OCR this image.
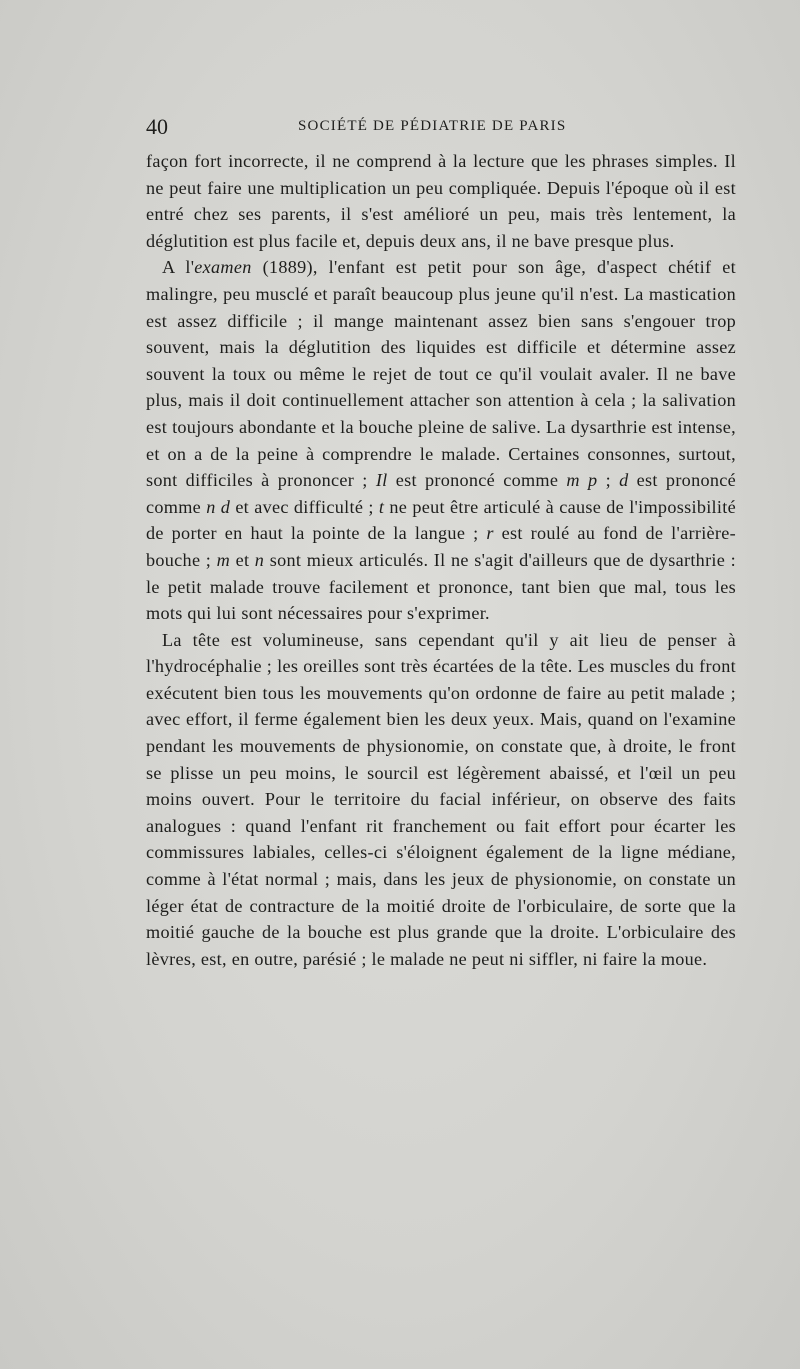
40	SOCIÉTÉ DE PÉDIATRIE DE PARIS

façon fort incorrecte, il ne comprend à la lecture que les phrases simples. Il ne peut faire une multiplication un peu compliquée. Depuis l'époque où il est entré chez ses parents, il s'est amélioré un peu, mais très lentement, la déglutition est plus facile et, depuis deux ans, il ne bave presque plus.

A l'examen (1889), l'enfant est petit pour son âge, d'aspect chétif et malingre, peu musclé et paraît beaucoup plus jeune qu'il n'est. La mastication est assez difficile ; il mange maintenant assez bien sans s'engouer trop souvent, mais la déglutition des liquides est difficile et détermine assez souvent la toux ou même le rejet de tout ce qu'il voulait avaler. Il ne bave plus, mais il doit continuellement attacher son attention à cela ; la salivation est toujours abondante et la bouche pleine de salive. La dysarthrie est intense, et on a de la peine à comprendre le malade. Certaines consonnes, surtout, sont difficiles à prononcer ; Il est prononcé comme m p ; d est prononcé comme n d et avec difficulté ; t ne peut être articulé à cause de l'impossibilité de porter en haut la pointe de la langue ; r est roulé au fond de l'arrière-bouche ; m et n sont mieux articulés. Il ne s'agit d'ailleurs que de dysarthrie : le petit malade trouve facilement et prononce, tant bien que mal, tous les mots qui lui sont nécessaires pour s'exprimer.

La tête est volumineuse, sans cependant qu'il y ait lieu de penser à l'hydrocéphalie ; les oreilles sont très écartées de la tête. Les muscles du front exécutent bien tous les mouvements qu'on ordonne de faire au petit malade ; avec effort, il ferme également bien les deux yeux. Mais, quand on l'examine pendant les mouvements de physionomie, on constate que, à droite, le front se plisse un peu moins, le sourcil est légèrement abaissé, et l'œil un peu moins ouvert. Pour le territoire du facial inférieur, on observe des faits analogues : quand l'enfant rit franchement ou fait effort pour écarter les commissures labiales, celles-ci s'éloignent également de la ligne médiane, comme à l'état normal ; mais, dans les jeux de physionomie, on constate un léger état de contracture de la moitié droite de l'orbiculaire, de sorte que la moitié gauche de la bouche est plus grande que la droite. L'orbiculaire des lèvres, est, en outre, parésié ; le malade ne peut ni siffler, ni faire la moue.
